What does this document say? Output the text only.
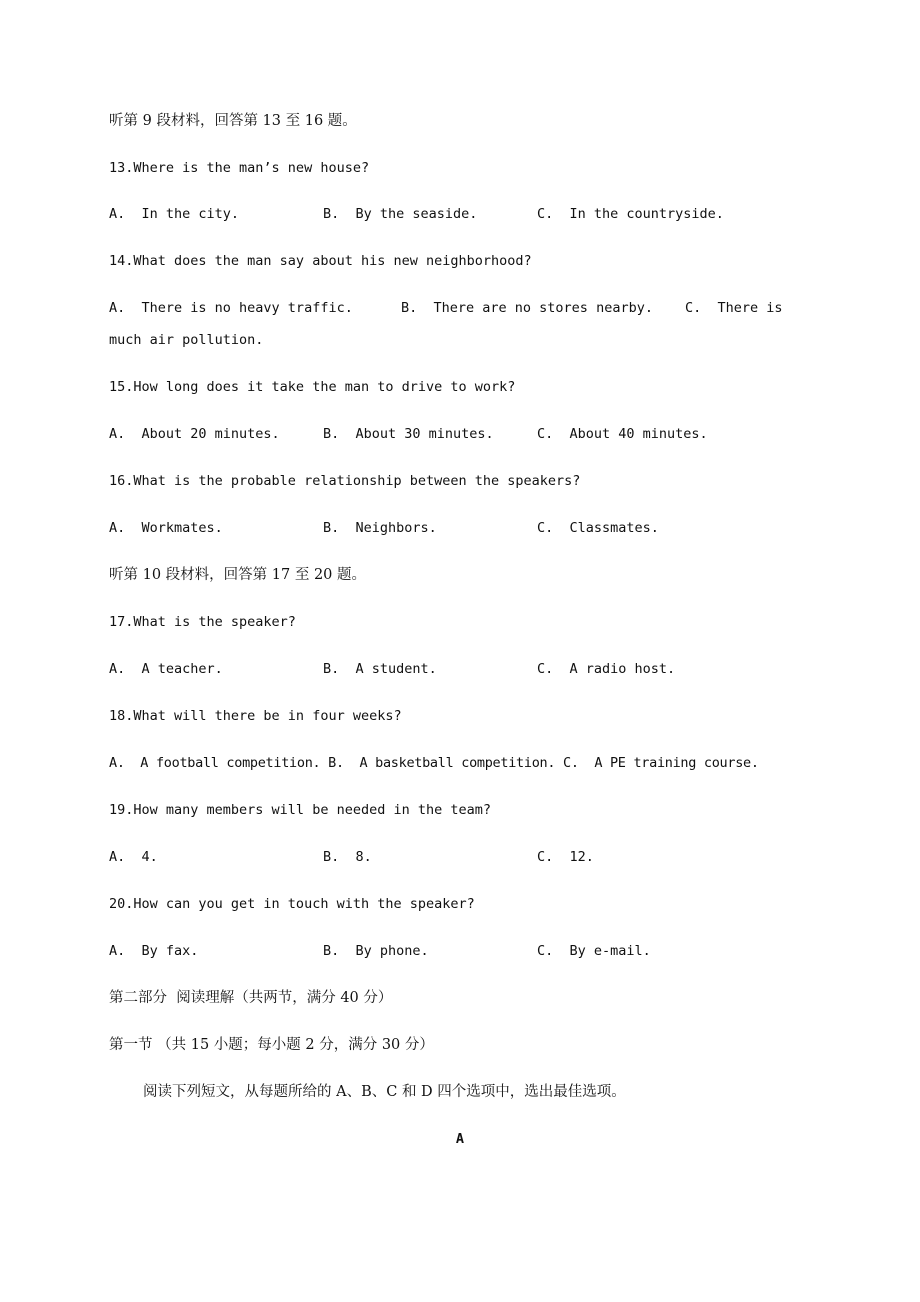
听第 9 段材料，回答第 13 至 16 题。
13.Where is the man’s new house?
A.  In the city.	B.  By the seaside.	C.  In the countryside.
14.What does the man say about his new neighborhood?
A.  There is no heavy traffic.	B.  There are no stores nearby. C.  There is
much air pollution.
15.How long does it take the man to drive to work?
A.  About 20 minutes.	B.  About 30 minutes.	C.  About 40 minutes.
16.What is the probable relationship between the speakers?
A.  Workmates.	B.  Neighbors.	C.  Classmates.
听第 10 段材料，回答第 17 至 20 题。
17.What is the speaker?
A.  A teacher.	B.  A student.	C.  A radio host.
18.What will there be in four weeks?
A.  A football competition. B.  A basketball competition. C.  A PE training course.
19.How many members will be needed in the team?
A.  4.	B.  8.	C.  12.
20.How can you get in touch with the speaker?
A.  By fax.	B.  By phone.	C.  By e-mail.
第二部分  阅读理解（共两节，满分 40 分）
第一节 （共 15 小题；每小题 2 分，满分 30 分）
阅读下列短文，从每题所给的 A、B、C 和 D 四个选项中，选出最佳选项。
A
